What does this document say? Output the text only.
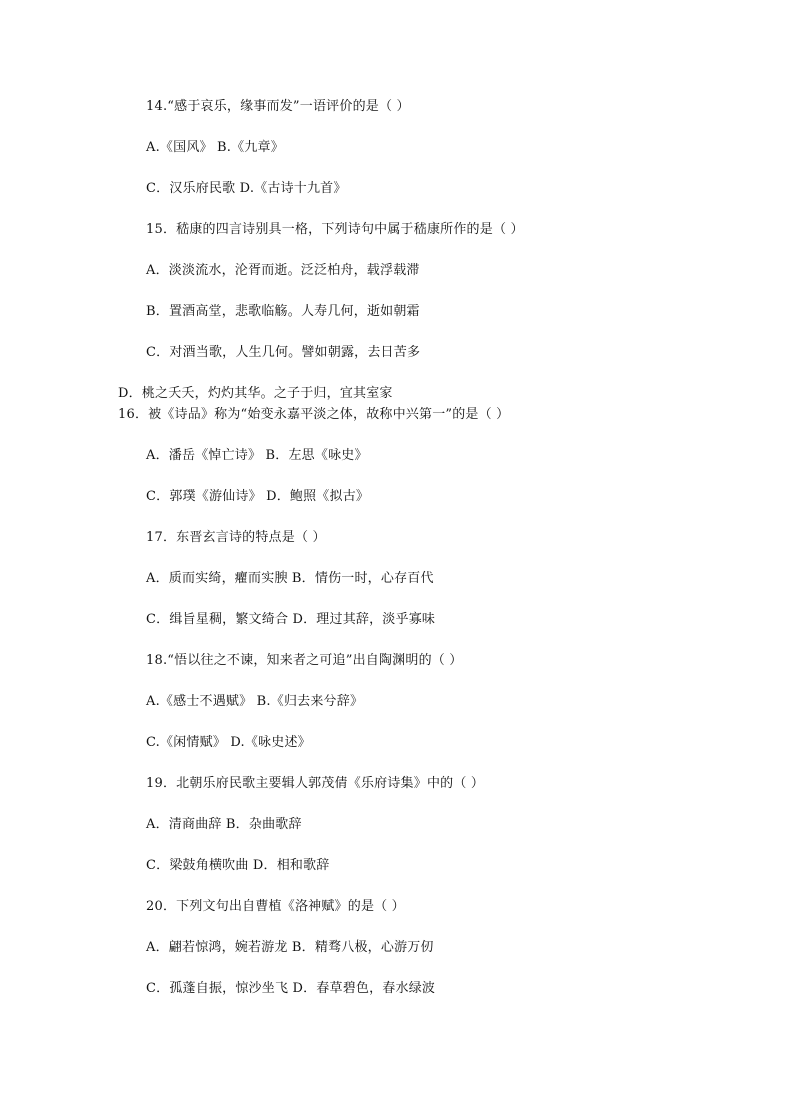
14.“感于哀乐，缘事而发”一语评价的是（ ）
A.《国风》 B.《九章》
C．汉乐府民歌 D.《古诗十九首》
15．嵇康的四言诗别具一格，下列诗句中属于嵇康所作的是（ ）
A．淡淡流水，沦胥而逝。泛泛柏舟，载浮载滞
B．置酒高堂，悲歌临觞。人寿几何，逝如朝霜
C．对酒当歌，人生几何。譬如朝露，去日苦多
D．桃之夭夭，灼灼其华。之子于归，宜其室家
16．被《诗品》称为“始变永嘉平淡之体，故称中兴第一”的是（ ）
A．潘岳《悼亡诗》 B．左思《咏史》
C．郭璞《游仙诗》 D．鲍照《拟古》
17．东晋玄言诗的特点是（ ）
A．质而实绮，癯而实腴 B．情伤一时，心存百代
C．缉旨星稠，繁文绮合 D．理过其辞，淡乎寡味
18.“悟以往之不谏，知来者之可追”出自陶渊明的（ ）
A.《感士不遇赋》 B.《归去来兮辞》
C.《闲情赋》 D.《咏史述》
19．北朝乐府民歌主要辑人郭茂倩《乐府诗集》中的（ ）
A．清商曲辞 B．杂曲歌辞
C．梁鼓角横吹曲 D．相和歌辞
20．下列文句出自曹植《洛神赋》的是（ ）
A．翩若惊鸿，婉若游龙 B．精骛八极，心游万仞
C．孤蓬自振，惊沙坐飞 D．春草碧色，春水绿波
